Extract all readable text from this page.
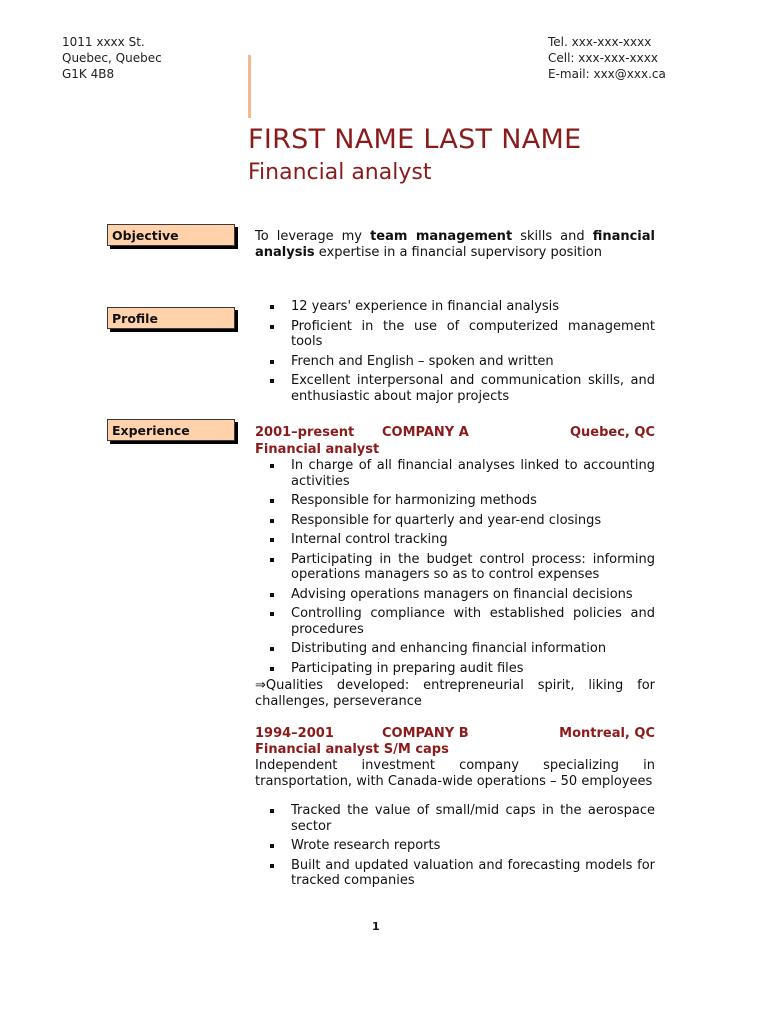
1011 xxxx St.
Quebec, Quebec
G1K 4B8
Tel. xxx-xxx-xxxx
Cell: xxx-xxx-xxxx
E-mail: xxx@xxx.ca
FIRST NAME LAST NAME
Financial analyst
Objective	To leverage my team management skills and financial analysis expertise in a financial supervisory position
Profile
12 years' experience in financial analysis
Proficient in the use of computerized management tools
French and English – spoken and written
Excellent interpersonal and communication skills, and enthusiastic about major projects
Experience	2001–present COMPANY A	Quebec, QC
Financial analyst
In charge of all financial analyses linked to accounting activities
Responsible for harmonizing methods
Responsible for quarterly and year-end closings
Internal control tracking
Participating in the budget control process: informing operations managers so as to control expenses
Advising operations managers on financial decisions
Controlling compliance with established policies and procedures
Distributing and enhancing financial information
Participating in preparing audit files
⇒Qualities developed: entrepreneurial spirit, liking for challenges, perseverance
1994–2001	COMPANY B	Montreal, QC
Financial analyst S/M caps
Independent investment company specializing in transportation, with Canada-wide operations – 50 employees
Tracked the value of small/mid caps in the aerospace sector
Wrote research reports
Built and updated valuation and forecasting models for tracked companies
1
